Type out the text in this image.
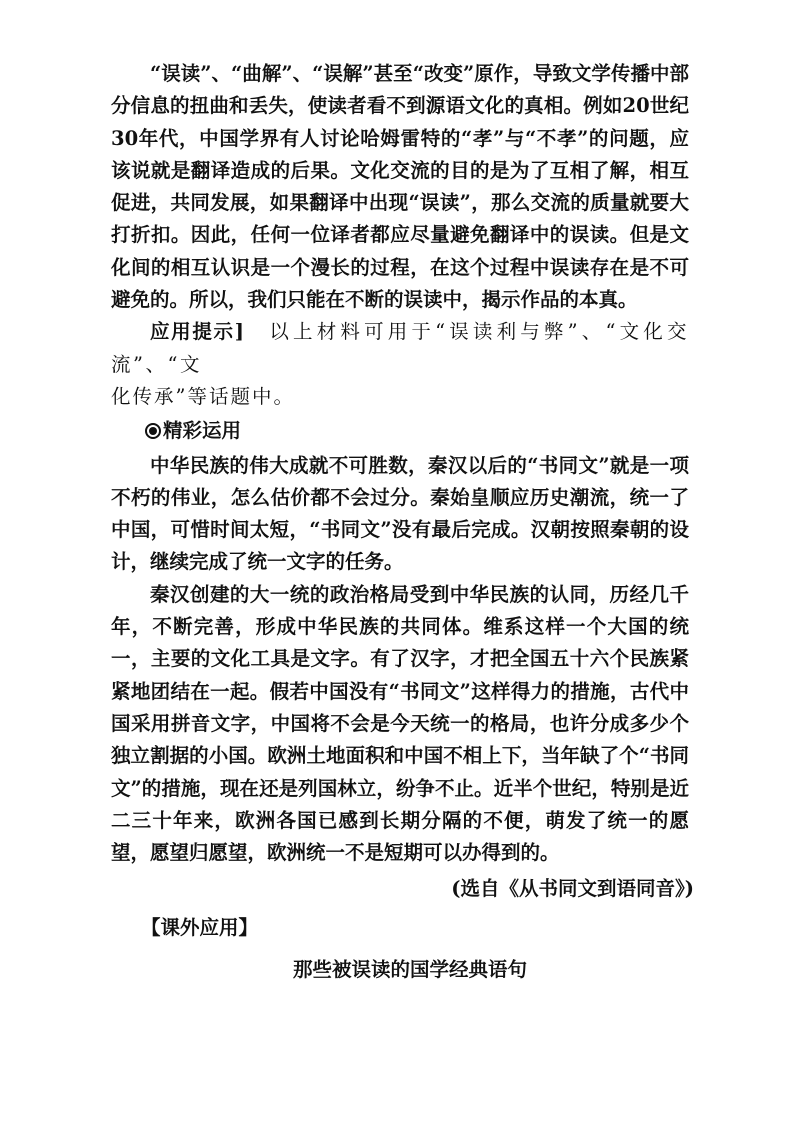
“误读”、“曲解”、“误解”甚至“改变”原作，导致文学传播中部分信息的扭曲和丢失，使读者看不到源语文化的真相。例如20世纪30年代，中国学界有人讨论哈姆雷特的“孝”与“不孝”的问题，应该说就是翻译造成的后果。文化交流的目的是为了互相了解，相互促进，共同发展，如果翻译中出现“误读”，那么交流的质量就要大打折扣。因此，任何一位译者都应尽量避免翻译中的误读。但是文化间的相互认识是一个漫长的过程，在这个过程中误读存在是不可避免的。所以，我们只能在不断的误读中，揭示作品的本真。

应用提示] 以上材料可用于“误读利与弊”、“文化交流”、“文

化传承”等话题中。

精彩运用

中华民族的伟大成就不可胜数，秦汉以后的“书同文”就是一项不朽的伟业，怎么估价都不会过分。秦始皇顺应历史潮流，统一了中国，可惜时间太短，“书同文”没有最后完成。汉朝按照秦朝的设计，继续完成了统一文字的任务。

秦汉创建的大一统的政治格局受到中华民族的认同，历经几千年，不断完善，形成中华民族的共同体。维系这样一个大国的统一，主要的文化工具是文字。有了汉字，才把全国五十六个民族紧紧地团结在一起。假若中国没有“书同文”这样得力的措施，古代中国采用拼音文字，中国将不会是今天统一的格局，也许分成多少个独立割据的小国。欧洲土地面积和中国不相上下，当年缺了个“书同文”的措施，现在还是列国林立，纷争不止。近半个世纪，特别是近二三十年来，欧洲各国已感到长期分隔的不便，萌发了统一的愿望，愿望归愿望，欧洲统一不是短期可以办得到的。

(选自《从书同文到语同音》)

【课外应用】

那些被误读的国学经典语句
